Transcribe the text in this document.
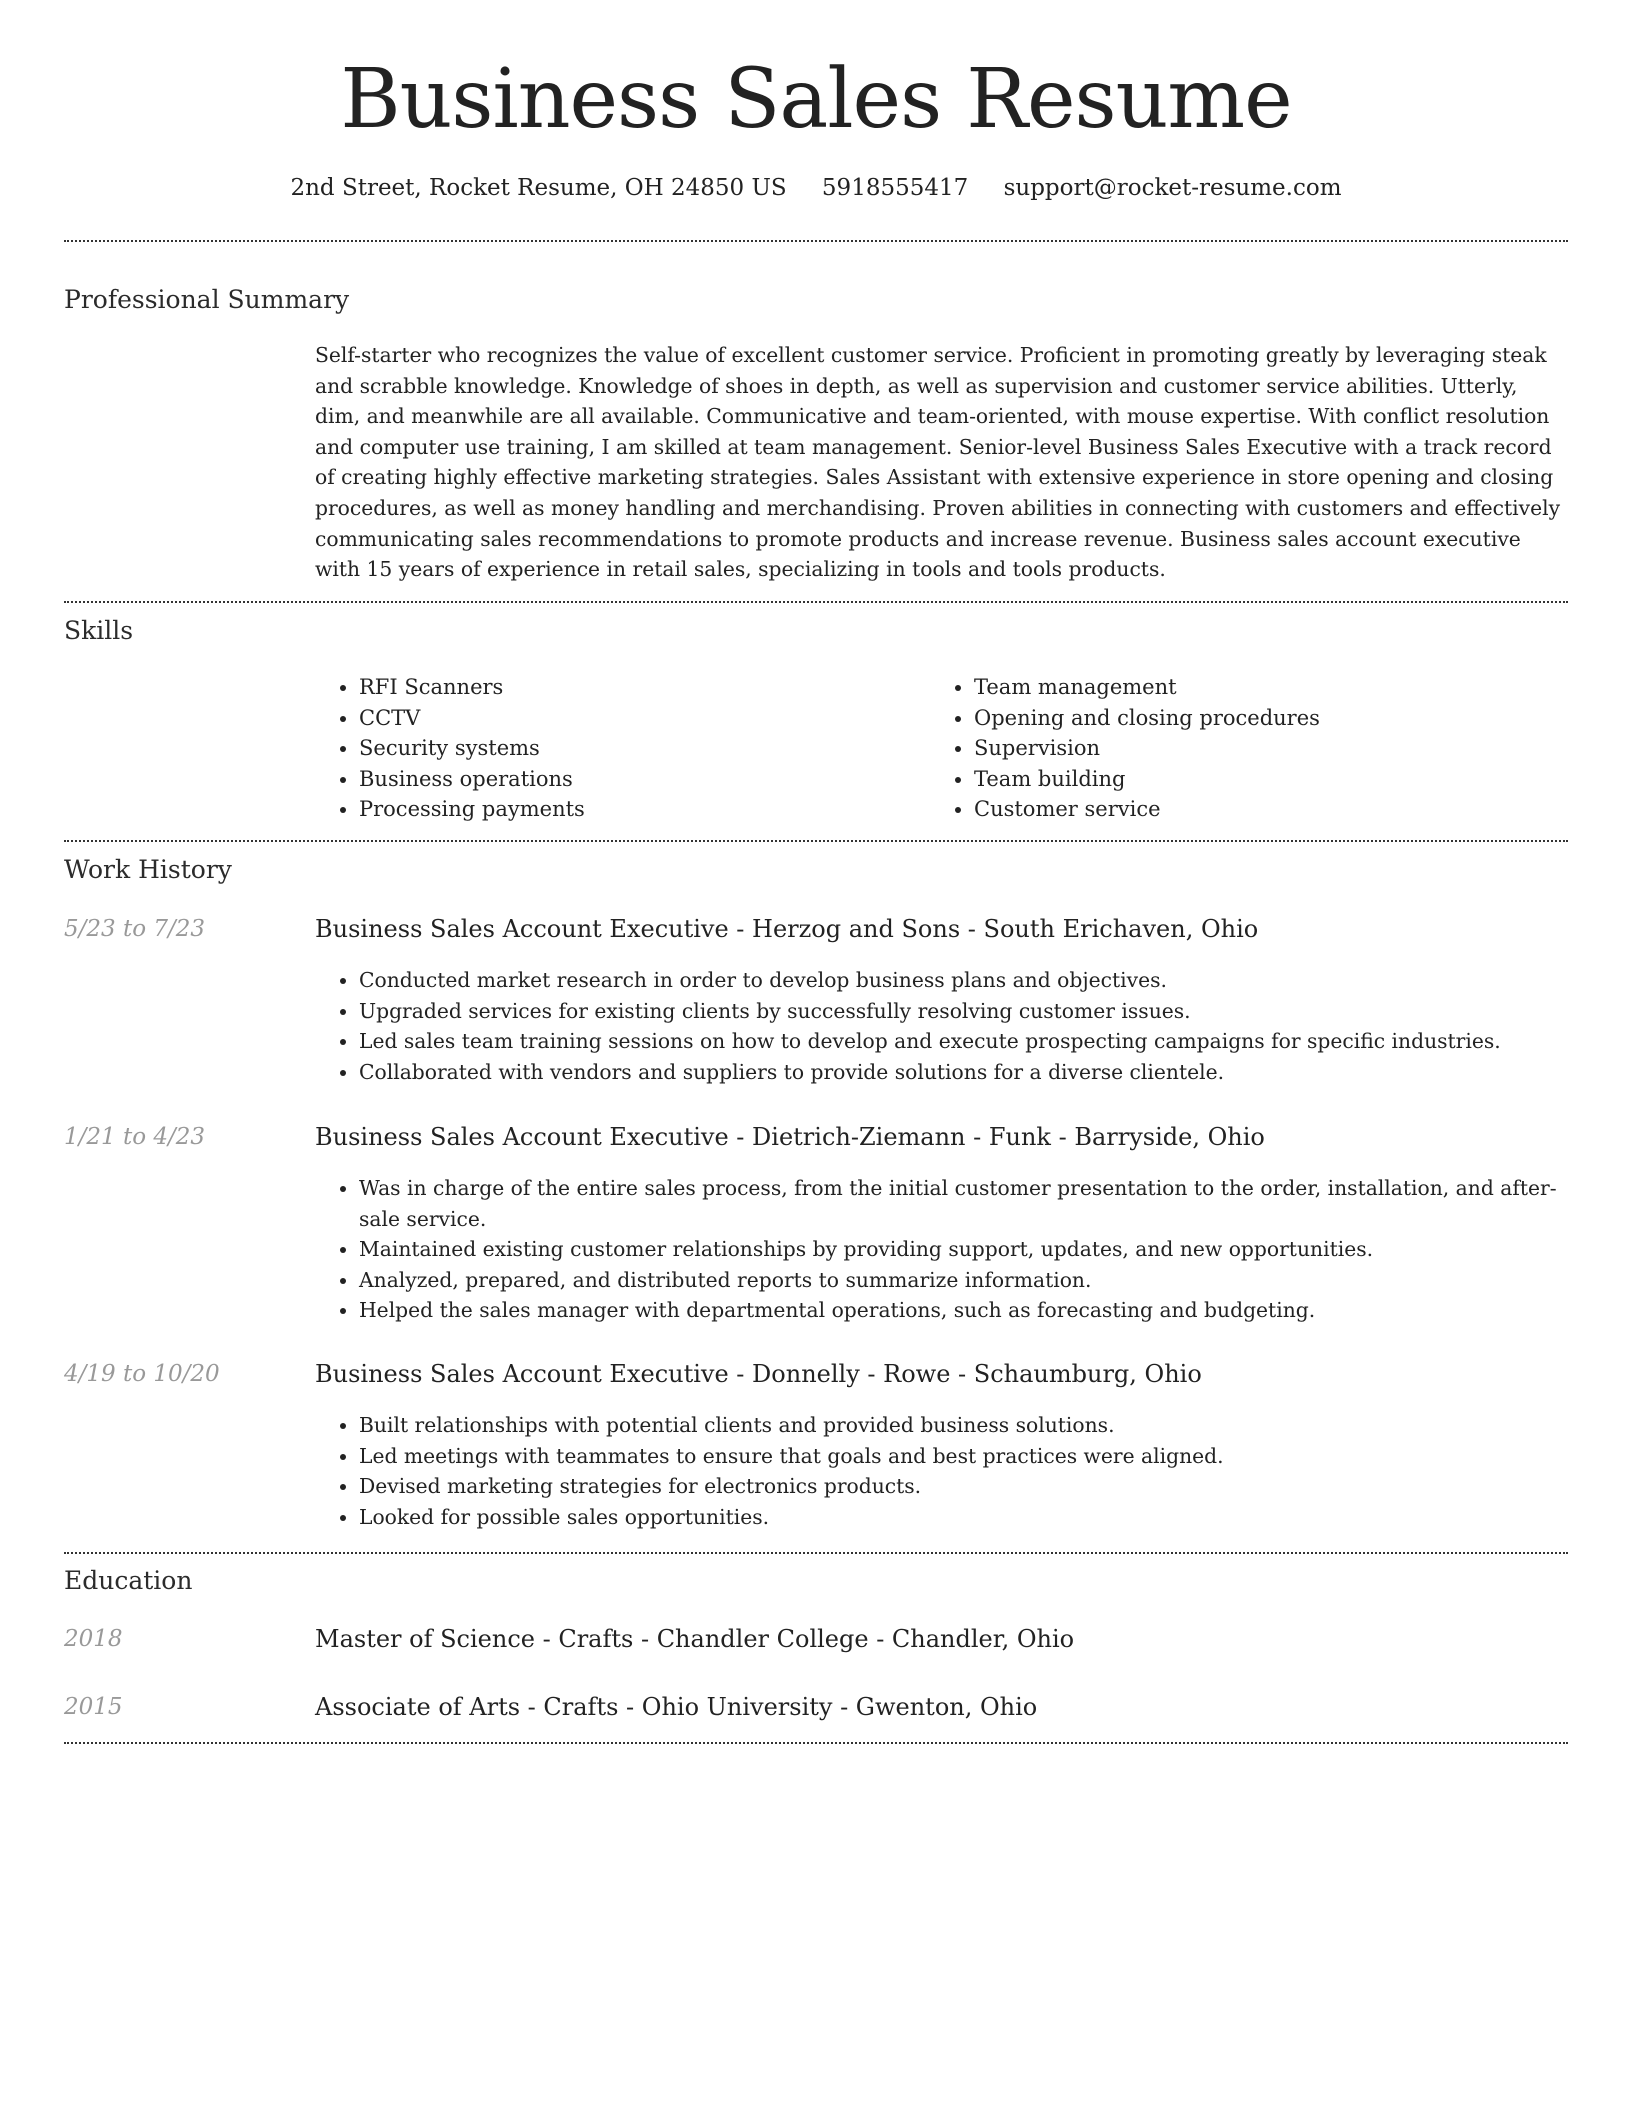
Business Sales Resume
2nd Street, Rocket Resume, OH 24850 US 5918555417 support@rocket-resume.com
Professional Summary

Self-starter who recognizes the value of excellent customer service. Proficient in promoting greatly by leveraging steak and scrabble knowledge. Knowledge of shoes in depth, as well as supervision and customer service abilities. Utterly, dim, and meanwhile are all available. Communicative and team-oriented, with mouse expertise. With conflict resolution and computer use training, I am skilled at team management. Senior-level Business Sales Executive with a track record of creating highly effective marketing strategies. Sales Assistant with extensive experience in store opening and closing procedures, as well as money handling and merchandising. Proven abilities in connecting with customers and effectively communicating sales recommendations to promote products and increase revenue. Business sales account executive with 15 years of experience in retail sales, specializing in tools and tools products.

Skills
• RFI Scanners
• CCTV
• Security systems
• Business operations
• Processing payments
• Team management
• Opening and closing procedures
• Supervision
• Team building
• Customer service
Work History
5/23 to 7/23	Business Sales Account Executive - Herzog and Sons - South Erichaven, Ohio
• Conducted market research in order to develop business plans and objectives.
• Upgraded services for existing clients by successfully resolving customer issues.
• Led sales team training sessions on how to develop and execute prospecting campaigns for specific industries.
• Collaborated with vendors and suppliers to provide solutions for a diverse clientele.
1/21 to 4/23	Business Sales Account Executive - Dietrich-Ziemann - Funk - Barryside, Ohio
• Was in charge of the entire sales process, from the initial customer presentation to the order, installation, and after-sale service.
• Maintained existing customer relationships by providing support, updates, and new opportunities.
• Analyzed, prepared, and distributed reports to summarize information.
• Helped the sales manager with departmental operations, such as forecasting and budgeting.
4/19 to 10/20	Business Sales Account Executive - Donnelly - Rowe - Schaumburg, Ohio
• Built relationships with potential clients and provided business solutions.
• Led meetings with teammates to ensure that goals and best practices were aligned.
• Devised marketing strategies for electronics products.
• Looked for possible sales opportunities.
Education
2018	Master of Science - Crafts - Chandler College - Chandler, Ohio
2015	Associate of Arts - Crafts - Ohio University - Gwenton, Ohio
